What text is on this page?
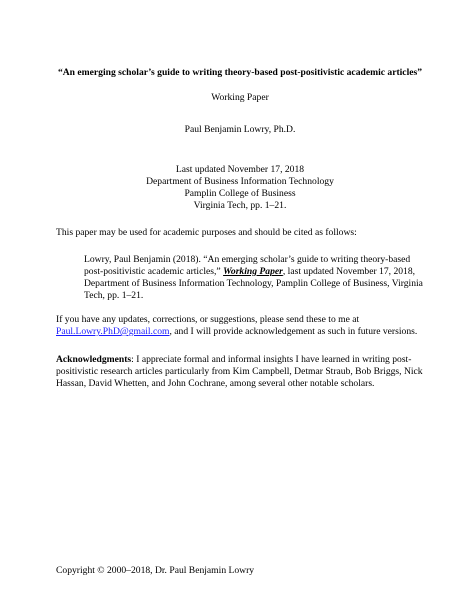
“An emerging scholar’s guide to writing theory-based post-positivistic academic articles”
Working Paper
Paul Benjamin Lowry, Ph.D.
Last updated November 17, 2018
Department of Business Information Technology
Pamplin College of Business
Virginia Tech, pp. 1–21.
This paper may be used for academic purposes and should be cited as follows:
Lowry, Paul Benjamin (2018). “An emerging scholar’s guide to writing theory-based post-positivistic academic articles,” Working Paper, last updated November 17, 2018, Department of Business Information Technology, Pamplin College of Business, Virginia Tech, pp. 1–21.
If you have any updates, corrections, or suggestions, please send these to me at Paul.Lowry.PhD@gmail.com, and I will provide acknowledgement as such in future versions.
Acknowledgments: I appreciate formal and informal insights I have learned in writing post-positivistic research articles particularly from Kim Campbell, Detmar Straub, Bob Briggs, Nick Hassan, David Whetten, and John Cochrane, among several other notable scholars.
Copyright © 2000–2018, Dr. Paul Benjamin Lowry
